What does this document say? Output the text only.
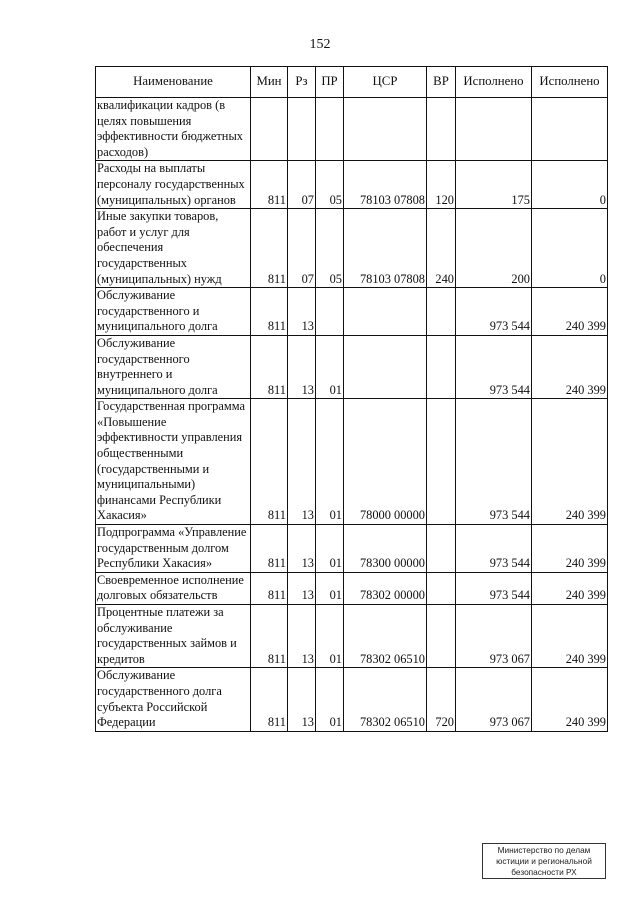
152
Наименование	Мин	Рз	ПР	ЦСР	ВР	Исполнено	Исполнено
квалификации кадров (в целях повышения эффективности бюджетных расходов)							
Расходы на выплаты персоналу государственных (муниципальных) органов	811	07	05	78103 07808	120	175	0
Иные закупки товаров, работ и услуг для обеспечения государственных (муниципальных) нужд	811	07	05	78103 07808	240	200	0
Обслуживание государственного и муниципального долга	811	13				973 544	240 399
Обслуживание государственного внутреннего и муниципального долга	811	13	01			973 544	240 399
Государственная программа «Повышение эффективности управления общественными (государственными и муниципальными) финансами Республики Хакасия»	811	13	01	78000 00000		973 544	240 399
Подпрограмма «Управление государственным долгом Республики Хакасия»	811	13	01	78300 00000		973 544	240 399
Своевременное исполнение долговых обязательств	811	13	01	78302 00000		973 544	240 399
Процентные платежи за обслуживание государственных займов и кредитов	811	13	01	78302 06510		973 067	240 399
Обслуживание государственного долга субъекта Российской Федерации	811	13	01	78302 06510	720	973 067	240 399
Министерство по делам
юстиции и региональной
безопасности РХ
